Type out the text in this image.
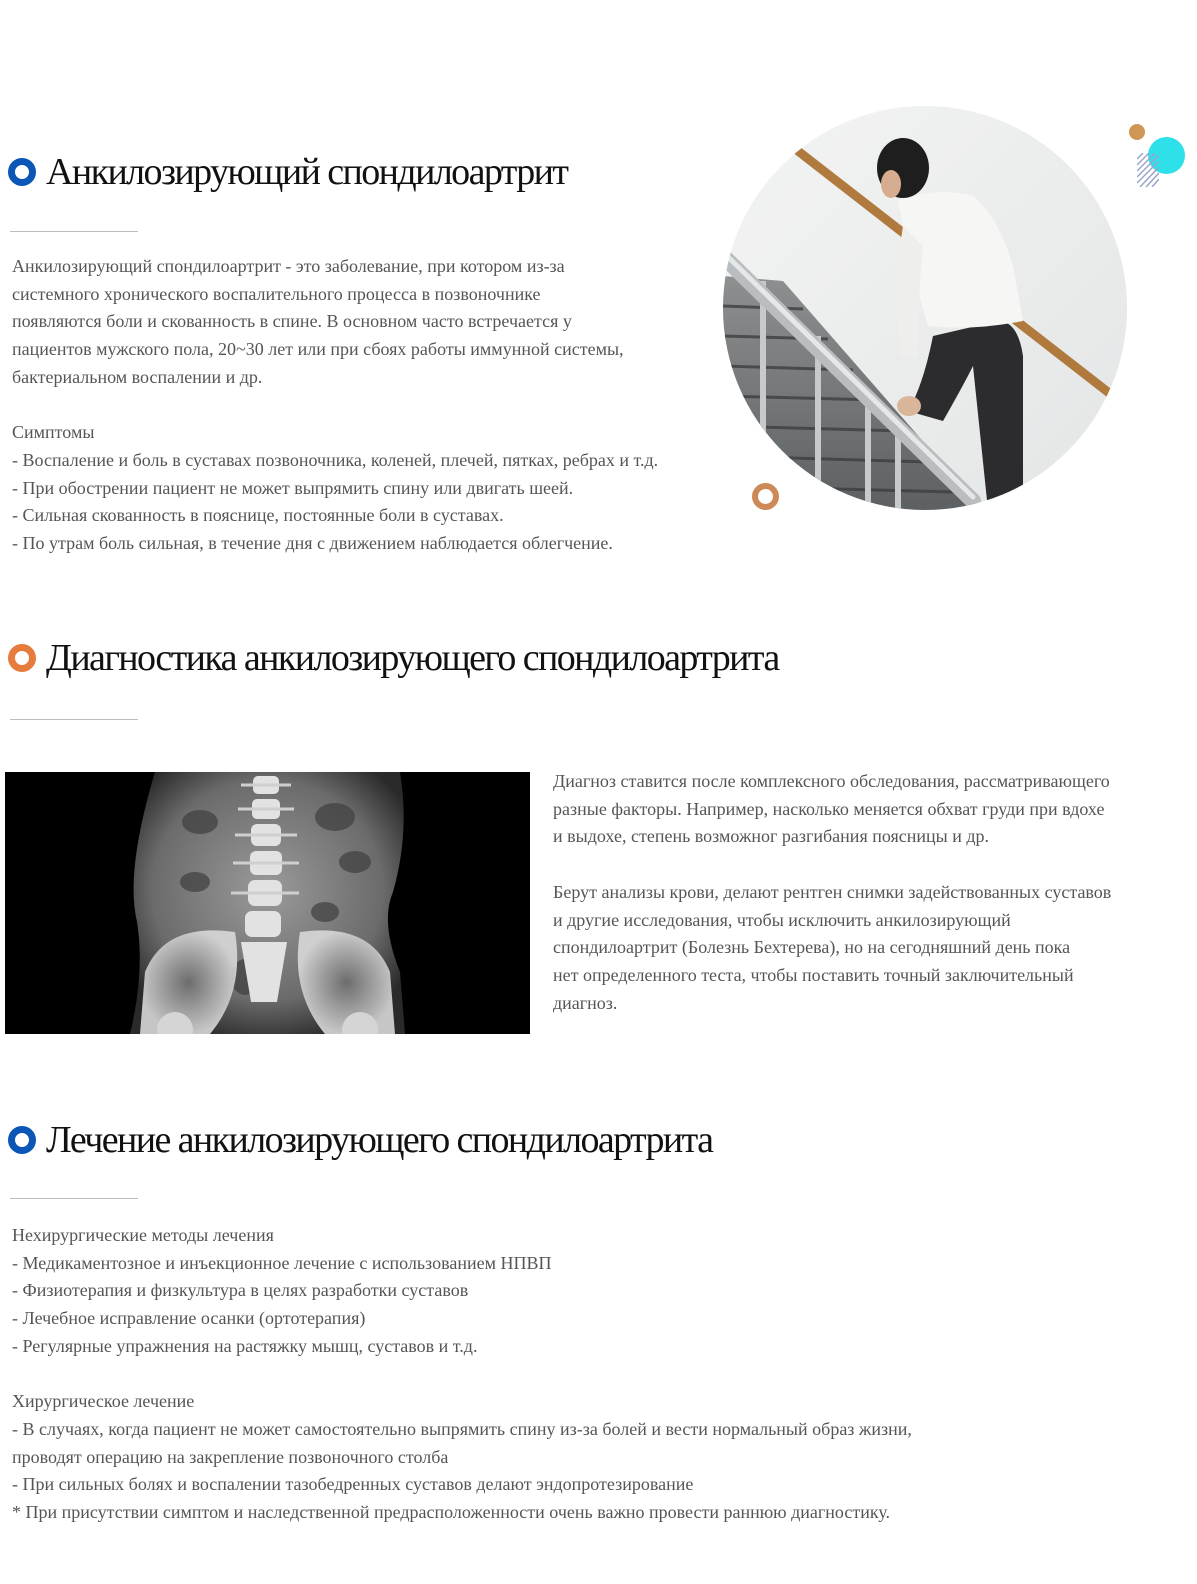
Анкилозирующий спондилоартрит
Анкилозирующий спондилоартрит - это заболевание, при котором из-за
системного хронического воспалительного процесса в позвоночнике
появляются боли и скованность в спине. В основном часто встречается у
пациентов мужского пола, 20~30 лет или при сбоях работы иммунной системы,
бактериальном воспалении и др.
Симптомы
- Воспаление и боль в суставах позвоночника, коленей, плечей, пятках, ребрах и т.д.
- При обострении пациент не может выпрямить спину или двигать шеей.
- Сильная скованность в пояснице, постоянные боли в суставах.
- По утрам боль сильная, в течение дня с движением наблюдается облегчение.
Диагностика анкилозирующего спондилоартрита
Диагноз ставится после комплексного обследования, рассматривающего
разные факторы. Например, насколько меняется обхват груди при вдохе
и выдохе, степень возможног разгибания поясницы и др.
Берут анализы крови, делают рентген снимки задействованных суставов
и другие исследования, чтобы исключить анкилозирующий
спондилоартрит (Болезнь Бехтерева), но на сегодняшний день пока
нет определенного теста, чтобы поставить точный заключительный
диагноз.
Лечение анкилозирующего спондилоартрита
Нехирургические методы лечения
- Медикаментозное и инъекционное лечение с использованием НПВП
- Физиотерапия и физкультура в целях разработки суставов
- Лечебное исправление осанки (ортотерапия)
- Регулярные упражнения на растяжку мышц, суставов и т.д.
Хирургическое лечение
- В случаях, когда пациент не может самостоятельно выпрямить спину из-за болей и вести нормальный образ жизни,
проводят операцию на закрепление позвоночного столба
- При сильных болях и воспалении тазобедренных суставов делают эндопротезирование
* При присутствии симптом и наследственной предрасположенности очень важно провести раннюю диагностику.
